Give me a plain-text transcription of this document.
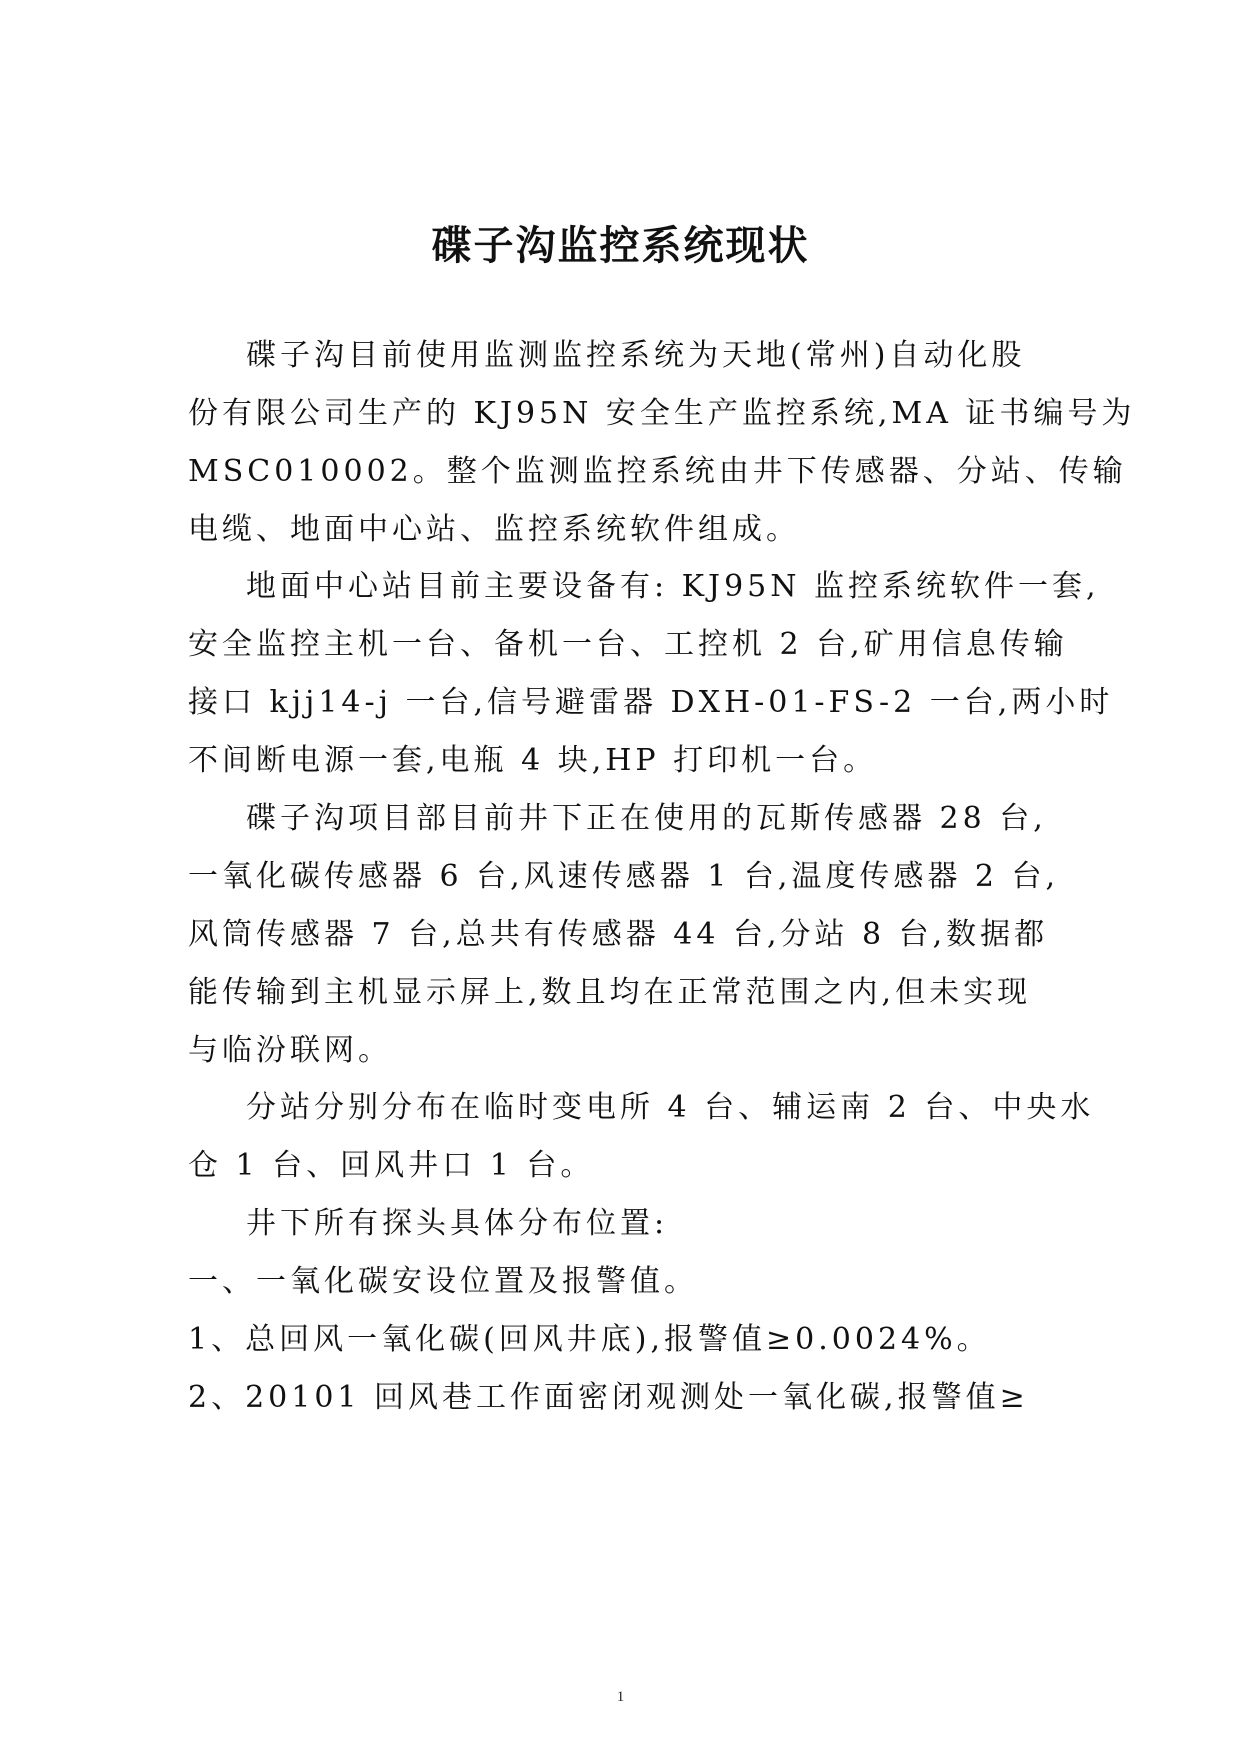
碟子沟监控系统现状
碟子沟目前使用监测监控系统为天地(常州)自动化股
份有限公司生产的 KJ95N 安全生产监控系统,MA 证书编号为
MSC010002。整个监测监控系统由井下传感器、分站、传输
电缆、地面中心站、监控系统软件组成。
地面中心站目前主要设备有: KJ95N 监控系统软件一套,
安全监控主机一台、备机一台、工控机 2 台,矿用信息传输
接口 kjj14-j 一台,信号避雷器 DXH-01-FS-2 一台,两小时
不间断电源一套,电瓶 4 块,HP 打印机一台。
碟子沟项目部目前井下正在使用的瓦斯传感器 28 台,
一氧化碳传感器 6 台,风速传感器 1 台,温度传感器 2 台,
风筒传感器 7 台,总共有传感器 44 台,分站 8 台,数据都
能传输到主机显示屏上,数且均在正常范围之内,但未实现
与临汾联网。
分站分别分布在临时变电所 4 台、辅运南 2 台、中央水
仓 1 台、回风井口 1 台。
井下所有探头具体分布位置:
一、一氧化碳安设位置及报警值。
1、总回风一氧化碳(回风井底),报警值≥0.0024%。
2、20101 回风巷工作面密闭观测处一氧化碳,报警值≥
1
